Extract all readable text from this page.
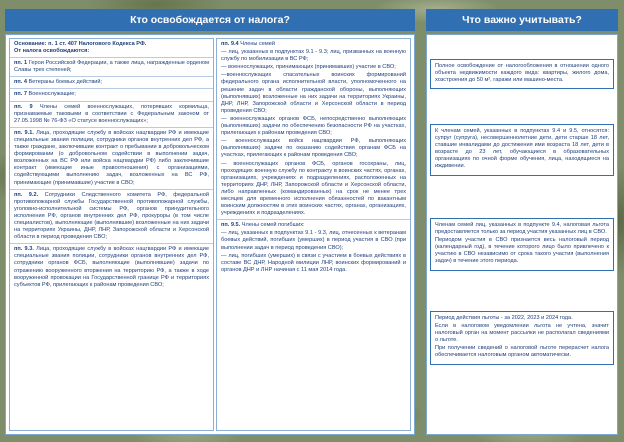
Кто освобождается от налога?	Что важно учитывать?
Основание: п. 1 ст. 407 Налогового Кодекса РФ.
От налога освобождаются:
пп. 1 Герои Российской Федерации, а также лица, награжденные орденом Славы трех степеней;
пп. 4 Ветераны боевых действий;
пп. 7 Военнослужащие;
пп. 9 Члены семей военнослужащих, потерявших кормильца, признаваемые таковыми в соответствии с Федеральным законом от 27.05.1998 № 76-ФЗ «О статусе военнослужащих»;
пп. 9.1. Лица, проходящие службу в войсках нацгвардии РФ и имеющие специальные звания полиции, сотрудники органов внутренних дел РФ, а также граждане, заключившие контракт о пребывании в добровольческом формировании (о добровольном содействии в выполнении задач, возложенных на ВС РФ или войска нацгвардии РФ) либо заключившие контракт (имеющие иные правоотношения) с организациями, содействующими выполнению задач, возложенных на ВС РФ, принимающие (принимавшие) участие в СВО;
пп. 9.2. Сотрудники Следственного комитета РФ, федеральной противопожарной службы Государственной противопожарной службы, уголовно-исполнительной системы РФ, органов принудительного исполнения РФ, органов внутренних дел РФ, прокуроры (в том числе специалистов), выполняющие (выполнявшие) возложенные на них задачи на территориях Украины, ДНР, ЛНР, Запорожской области и Херсонской области в период проведения СВО;
пп. 9.3. Лица, проходящие службу в войсках нацгвардии РФ и имеющие специальные звания полиции, сотрудники органов внутренних дел РФ, сотрудники органов ФСБ, выполняющие (выполнявшие) задачи по отражению вооруженного вторжения на территорию РФ, а также в ходе вооруженной провокации на Государственной границе РФ и территориях субъектов РФ, прилегающих к районам проведения СВО;
пп. 9.4 Члены семей
— лиц, указанных в подпунктах 9.1 - 9.3; лиц, призванных на военную службу по мобилизации в ВС РФ;
— военнослужащих, принимающих (принимавших) участие в СВО;
—военнослужащих спасательных воинских формирований федерального органа исполнительной власти, уполномоченного на решение задач в области гражданской обороны, выполняющих (выполнявших) возложенные на них задачи на территориях Украины, ДНР, ЛНР, Запорожской области и Херсонской области в период проведения СВО;
— военнослужащих органов ФСБ, непосредственно выполняющих (выполнявших) задачи по обеспечению безопасности РФ на участках, прилегающих к районам проведения СВО;
— военнослужащих войск нацгвардии РФ, выполняющих (выполнявших) задачи по оказанию содействия органам ФСБ на участках, прилегающих к районам проведения СВО;
— военнослужащих органов ФСБ, органов госохраны, лиц, проходящих военную службу по контракту в воинских частях, органах, организациях, учреждениях и подразделениях, расположенных на территориях ДНР, ЛНР, Запорожской области и Херсонской области, либо направленных (командированных) на срок не менее трех месяцев для временного исполнения обязанностей по вакантным воинским должностям в этих воинских частях, органах, организациях, учреждениях и подразделениях.
пп. 9.5. Члены семей погибших:
— лиц, указанных в подпунктах 9.1 - 9.3, лиц, отнесенных к ветеранам боевых действий, погибших (умерших) в период участия в СВО (при выполнении задач в период проведения СВО);
— лиц, погибших (умерших) в связи с участием в боевых действиях в составе ВС ДНР, Народной милиции ЛНР, воинских формирований и органов ДНР и ЛНР начиная с 11 мая 2014 года.

Полное освобождение от налогообложения в отношении одного объекта недвижимости каждого вида: квартиры, жилого дома, хозстроения до 50 м², гаражи или машино-места.

К членам семей, указанных в подпунктах 9.4 и 9.5, относятся: супруг (супруга), несовершеннолетние дети, дети старше 18 лет, ставшие инвалидами до достижения ими возраста 18 лет, дети в возрасте до 23 лет, обучающиеся в образовательных организациях по очной форме обучения, лица, находящиеся на иждивении.

Членам семей лиц, указанных в подпункте 9.4, налоговая льгота предоставляется только за период участия указанных лиц в СВО.

Периодом участия в СВО признается весь налоговый период (календарный год), в течение которого лицо было привлечено к участию в СВО независимо от срока такого участия (выполнения задач) в течение этого периода.

Период действия льготы - за 2022, 2023 и 2024 года.

Если в налоговом уведомлении льгота не учтена, значит налоговый орган на момент рассылки не располагал сведениями о льготе.

При получении сведений о налоговой льготе перерасчет налога обеспечивается налоговым органом автоматически.
